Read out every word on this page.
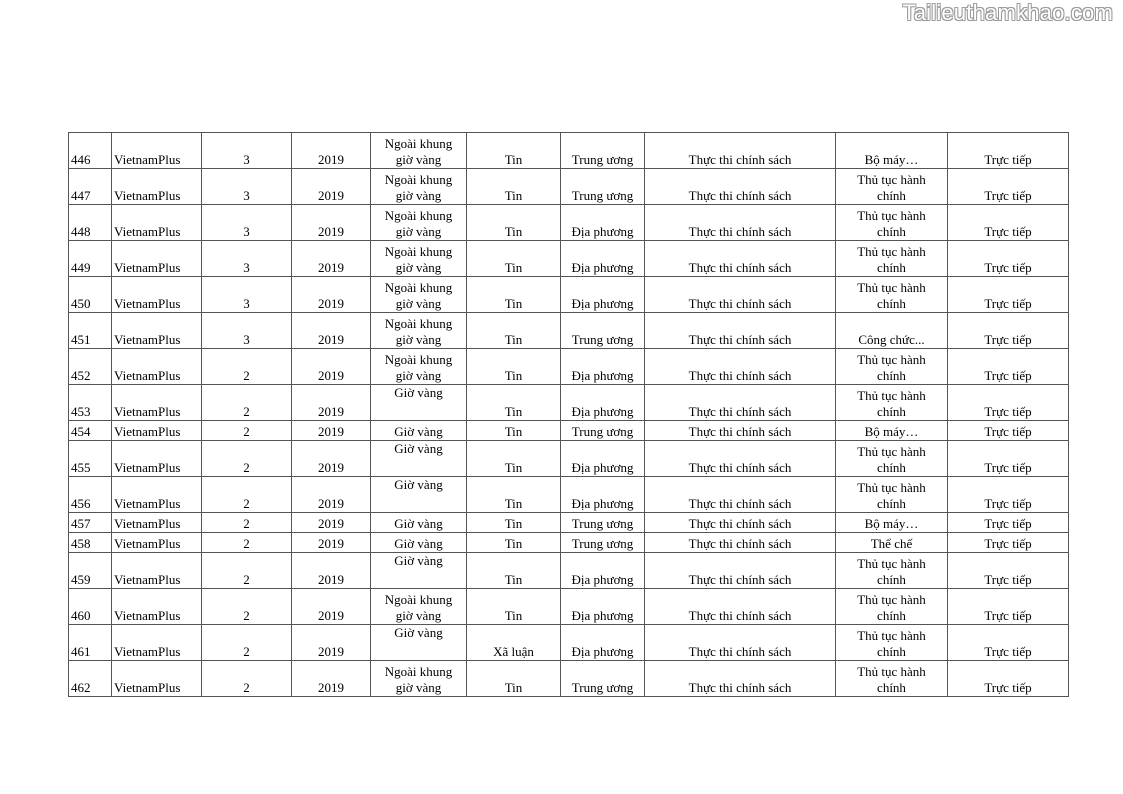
Tailieuthamkhao.com
446	VietnamPlus	3	2019	Ngoài khung
giờ vàng	Tin	Trung ương	Thực thi chính sách	Bộ máy…	Trực tiếp
447	VietnamPlus	3	2019	Ngoài khung
giờ vàng	Tin	Trung ương	Thực thi chính sách	Thủ tục hành
chính	Trực tiếp
448	VietnamPlus	3	2019	Ngoài khung
giờ vàng	Tin	Địa phương	Thực thi chính sách	Thủ tục hành
chính	Trực tiếp
449	VietnamPlus	3	2019	Ngoài khung
giờ vàng	Tin	Địa phương	Thực thi chính sách	Thủ tục hành
chính	Trực tiếp
450	VietnamPlus	3	2019	Ngoài khung
giờ vàng	Tin	Địa phương	Thực thi chính sách	Thủ tục hành
chính	Trực tiếp
451	VietnamPlus	3	2019	Ngoài khung
giờ vàng	Tin	Trung ương	Thực thi chính sách	Công chức...	Trực tiếp
452	VietnamPlus	2	2019	Ngoài khung
giờ vàng	Tin	Địa phương	Thực thi chính sách	Thủ tục hành
chính	Trực tiếp
453	VietnamPlus	2	2019	Giờ vàng	Tin	Địa phương	Thực thi chính sách	Thủ tục hành
chính	Trực tiếp
454	VietnamPlus	2	2019	Giờ vàng	Tin	Trung ương	Thực thi chính sách	Bộ máy…	Trực tiếp
455	VietnamPlus	2	2019	Giờ vàng	Tin	Địa phương	Thực thi chính sách	Thủ tục hành
chính	Trực tiếp
456	VietnamPlus	2	2019	Giờ vàng	Tin	Địa phương	Thực thi chính sách	Thủ tục hành
chính	Trực tiếp
457	VietnamPlus	2	2019	Giờ vàng	Tin	Trung ương	Thực thi chính sách	Bộ máy…	Trực tiếp
458	VietnamPlus	2	2019	Giờ vàng	Tin	Trung ương	Thực thi chính sách	Thể chế	Trực tiếp
459	VietnamPlus	2	2019	Giờ vàng	Tin	Địa phương	Thực thi chính sách	Thủ tục hành
chính	Trực tiếp
460	VietnamPlus	2	2019	Ngoài khung
giờ vàng	Tin	Địa phương	Thực thi chính sách	Thủ tục hành
chính	Trực tiếp
461	VietnamPlus	2	2019	Giờ vàng	Xã luận	Địa phương	Thực thi chính sách	Thủ tục hành
chính	Trực tiếp
462	VietnamPlus	2	2019	Ngoài khung
giờ vàng	Tin	Trung ương	Thực thi chính sách	Thủ tục hành
chính	Trực tiếp
